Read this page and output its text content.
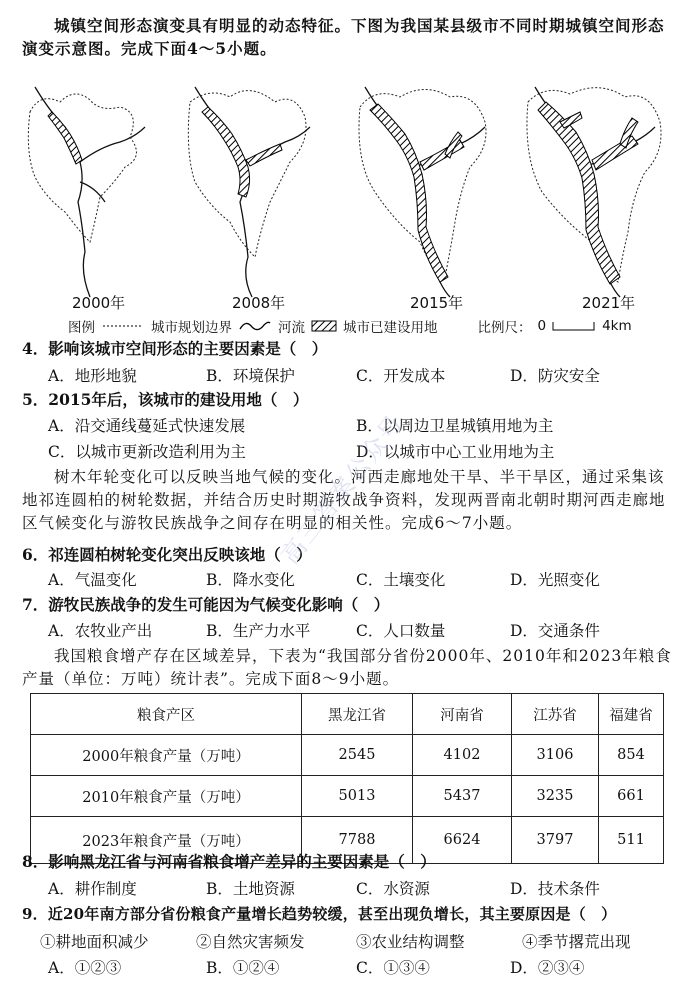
城镇空间形态演变具有明显的动态特征。下图为我国某县级市不同时期城镇空间形态演变示意图。完成下面4～5小题。
2000年	2008年	2015年	2021年
图例	城市规划边界	河流	城市已建设用地	比例尺： 0	4km
4．影响该城市空间形态的主要因素是（　）
A．地形地貌	B．环境保护	C．开发成本	D．防灾安全
5．2015年后，该城市的建设用地（　）
A．沿交通线蔓延式快速发展	B．以周边卫星城镇用地为主
C．以城市更新改造利用为主	D．以城市中心工业用地为主
树木年轮变化可以反映当地气候的变化。河西走廊地处干旱、半干旱区，通过采集该地祁连圆柏的树轮数据，并结合历史时期游牧战争资料，发现两晋南北朝时期河西走廊地区气候变化与游牧民族战争之间存在明显的相关性。完成6～7小题。
6．祁连圆柏树轮变化突出反映该地（　）
A．气温变化	B．降水变化	C．土壤变化	D．光照变化
7．游牧民族战争的发生可能因为气候变化影响（　）
A．农牧业产出	B．生产力水平	C．人口数量	D．交通条件
我国粮食增产存在区域差异，下表为“我国部分省份2000年、2010年和2023年粮食产量（单位：万吨）统计表”。完成下面8～9小题。
粮食产区	黑龙江省	河南省	江苏省	福建省
2000年粮食产量（万吨）	2545	4102	3106	854
2010年粮食产量（万吨）	5013	5437	3235	661
2023年粮食产量（万吨）	7788	6624	3797	511
8．影响黑龙江省与河南省粮食增产差异的主要因素是（　）
A．耕作制度	B．土地资源	C．水资源	D．技术条件
9．近20年南方部分省份粮食产量增长趋势较缓，甚至出现负增长，其主要原因是（　）
①耕地面积减少	②自然灾害频发	③农业结构调整	④季节撂荒出现
A．①②③	B．①②④	C．①③④	D．②③④
高三答案公众号
